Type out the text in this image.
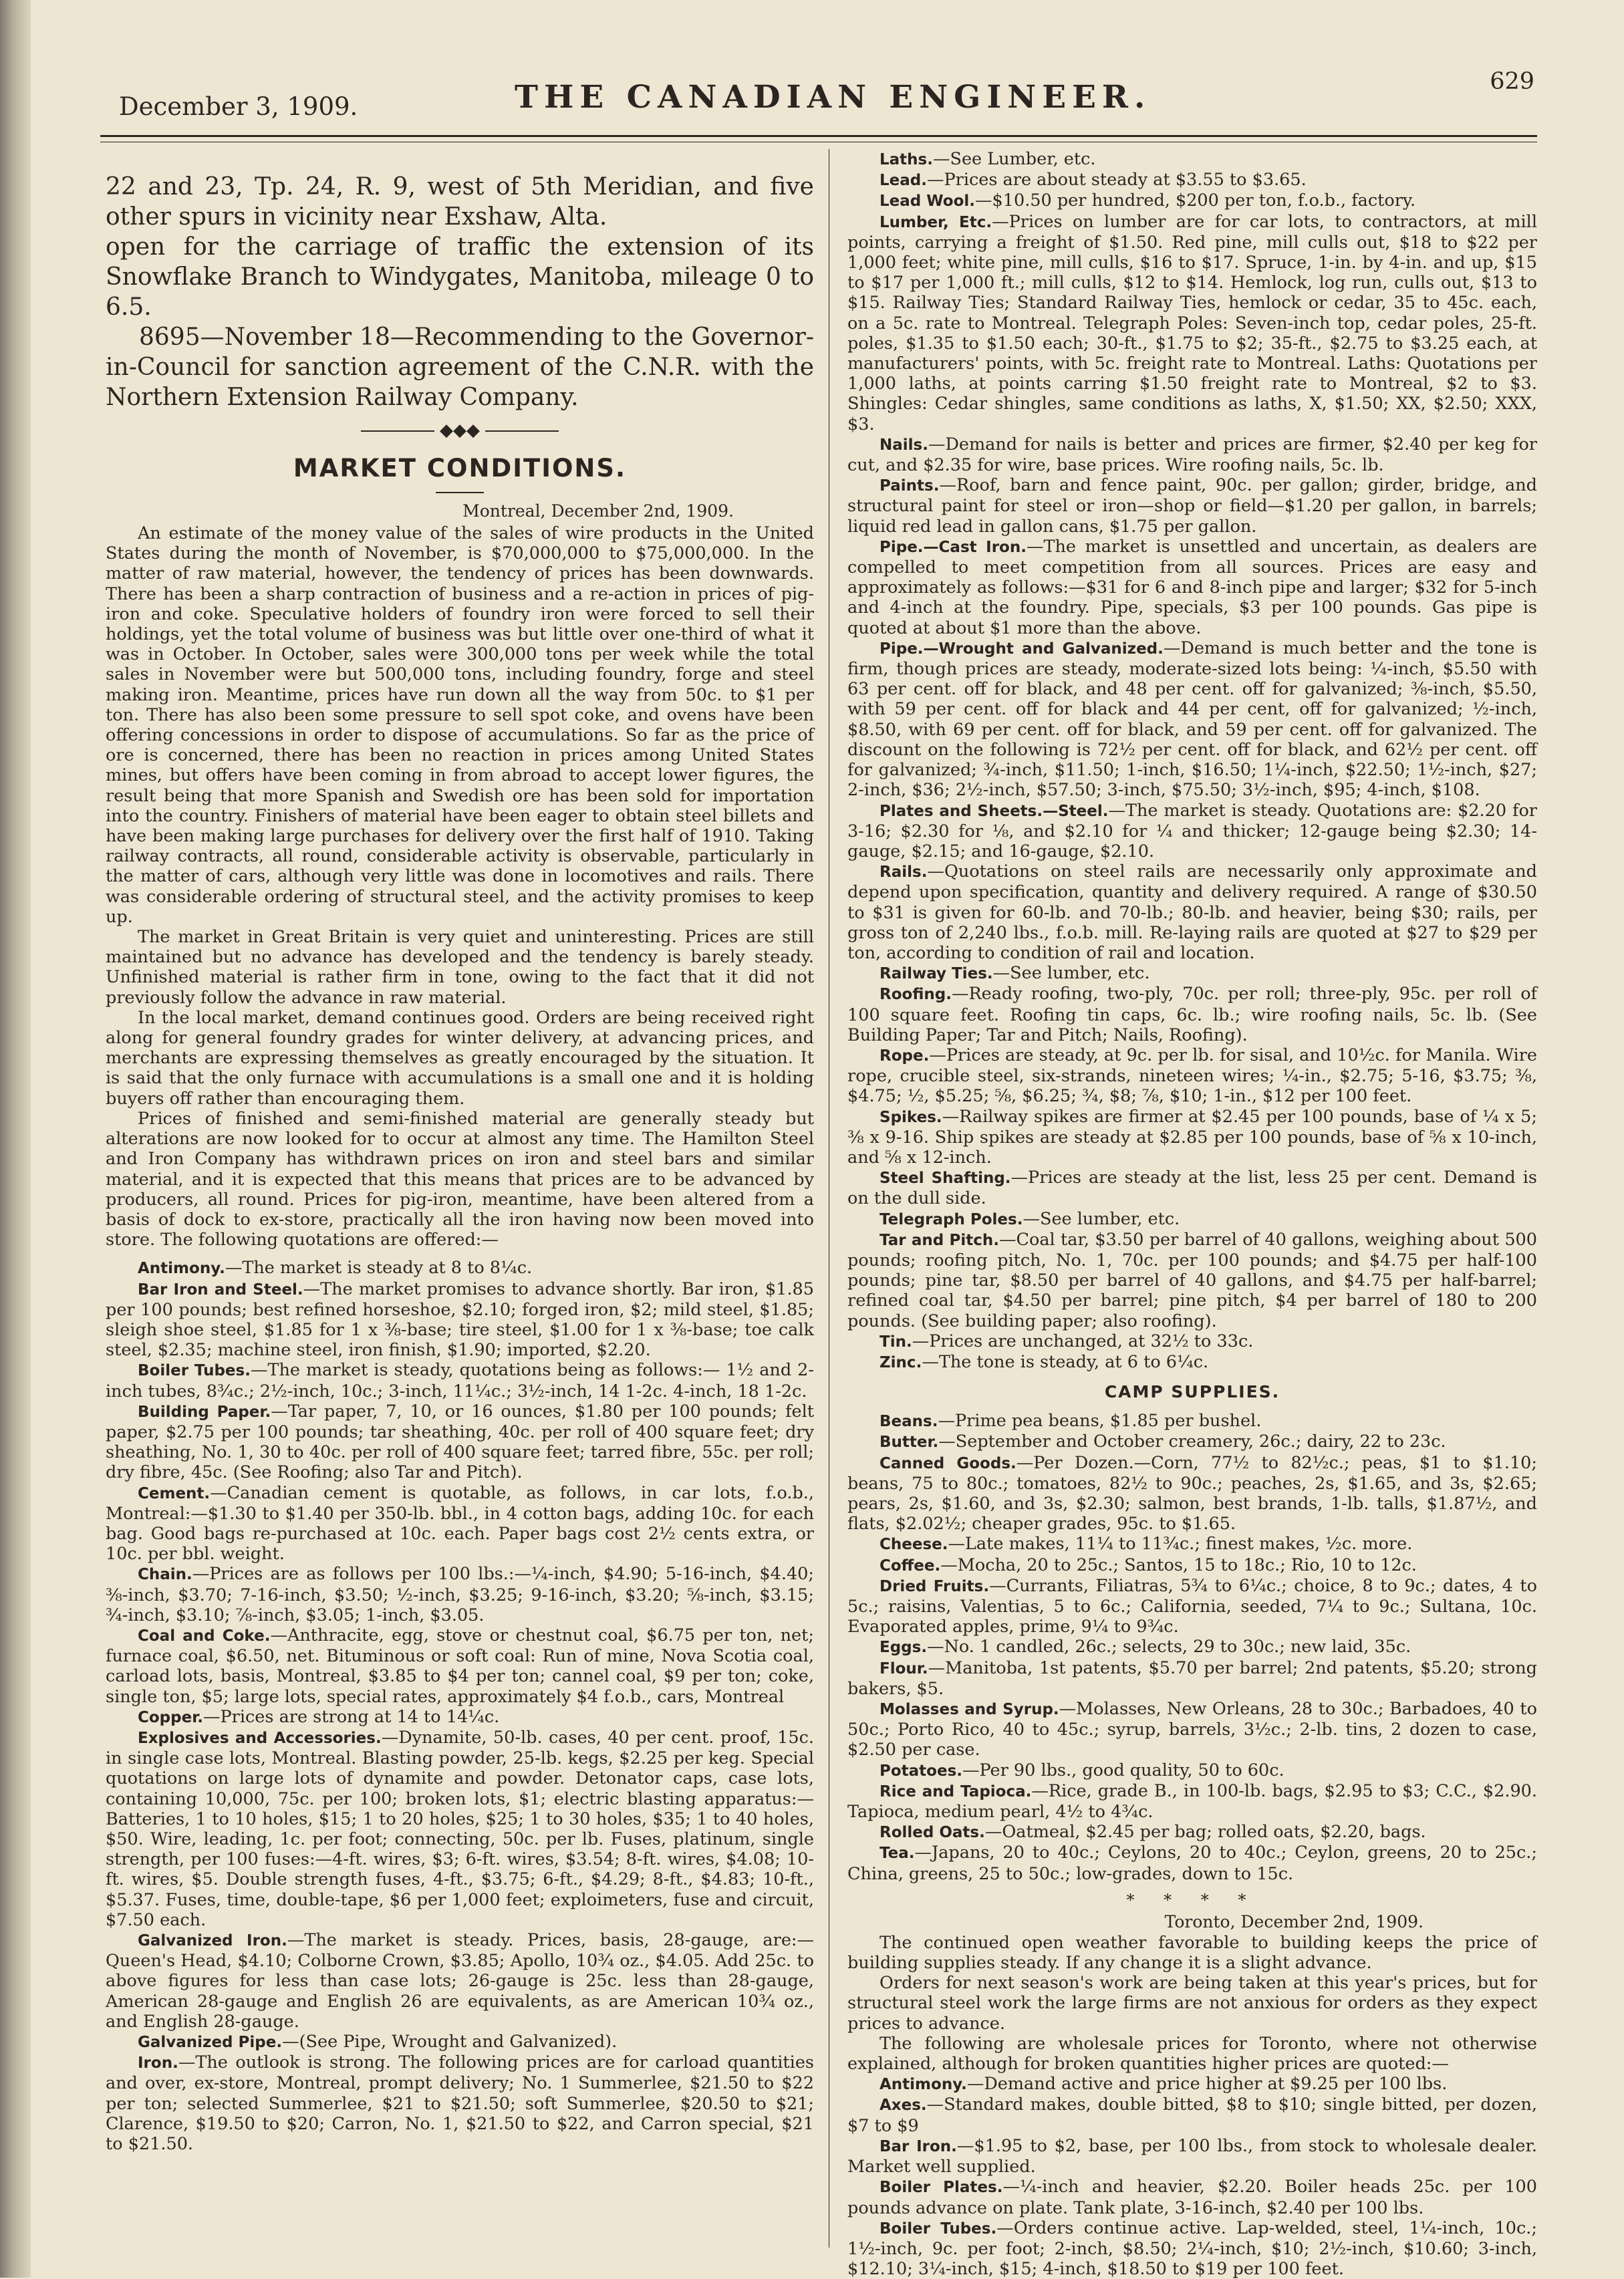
December 3, 1909.	THE CANADIAN ENGINEER.	629

22 and 23, Tp. 24, R. 9, west of 5th Meridian, and five other spurs in vicinity near Exshaw, Alta.

open for the carriage of traffic the extension of its Snowflake Branch to Windygates, Manitoba, mileage 0 to 6.5.

8695—November 18—Recommending to the Governor-in-Council for sanction agreement of the C.N.R. with the Northern Extension Railway Company.

◆◆◆
MARKET CONDITIONS.
Montreal, December 2nd, 1909.

An estimate of the money value of the sales of wire products in the United States during the month of November, is $70,000,000 to $75,000,000. In the matter of raw material, however, the tendency of prices has been downwards. There has been a sharp contraction of business and a re-action in prices of pig-iron and coke. Speculative holders of foundry iron were forced to sell their holdings, yet the total volume of business was but little over one-third of what it was in October. In October, sales were 300,000 tons per week while the total sales in November were but 500,000 tons, including foundry, forge and steel making iron. Meantime, prices have run down all the way from 50c. to $1 per ton. There has also been some pressure to sell spot coke, and ovens have been offering concessions in order to dispose of accumulations. So far as the price of ore is concerned, there has been no reaction in prices among United States mines, but offers have been coming in from abroad to accept lower figures, the result being that more Spanish and Swedish ore has been sold for importation into the country. Finishers of material have been eager to obtain steel billets and have been making large purchases for delivery over the first half of 1910. Taking railway contracts, all round, considerable activity is observable, particularly in the matter of cars, although very little was done in locomotives and rails. There was considerable ordering of structural steel, and the activity promises to keep up.

The market in Great Britain is very quiet and uninteresting. Prices are still maintained but no advance has developed and the tendency is barely steady. Unfinished material is rather firm in tone, owing to the fact that it did not previously follow the advance in raw material.

In the local market, demand continues good. Orders are being received right along for general foundry grades for winter delivery, at advancing prices, and merchants are expressing themselves as greatly encouraged by the situation. It is said that the only furnace with accumulations is a small one and it is holding buyers off rather than encouraging them.

Prices of finished and semi-finished material are generally steady but alterations are now looked for to occur at almost any time. The Hamilton Steel and Iron Company has withdrawn prices on iron and steel bars and similar material, and it is expected that this means that prices are to be advanced by producers, all round. Prices for pig-iron, meantime, have been altered from a basis of dock to ex-store, practically all the iron having now been moved into store. The following quotations are offered:—

Antimony.—The market is steady at 8 to 8¼c.

Bar Iron and Steel.—The market promises to advance shortly. Bar iron, $1.85 per 100 pounds; best refined horseshoe, $2.10; forged iron, $2; mild steel, $1.85; sleigh shoe steel, $1.85 for 1 x ⅜-base; tire steel, $1.00 for 1 x ⅜-base; toe calk steel, $2.35; machine steel, iron finish, $1.90; imported, $2.20.

Boiler Tubes.—The market is steady, quotations being as follows:— 1½ and 2-inch tubes, 8¾c.; 2½-inch, 10c.; 3-inch, 11¼c.; 3½-inch, 14 1-2c. 4-inch, 18 1-2c.

Building Paper.—Tar paper, 7, 10, or 16 ounces, $1.80 per 100 pounds; felt paper, $2.75 per 100 pounds; tar sheathing, 40c. per roll of 400 square feet; dry sheathing, No. 1, 30 to 40c. per roll of 400 square feet; tarred fibre, 55c. per roll; dry fibre, 45c. (See Roofing; also Tar and Pitch).

Cement.—Canadian cement is quotable, as follows, in car lots, f.o.b., Montreal:—$1.30 to $1.40 per 350-lb. bbl., in 4 cotton bags, adding 10c. for each bag. Good bags re-purchased at 10c. each. Paper bags cost 2½ cents extra, or 10c. per bbl. weight.

Chain.—Prices are as follows per 100 lbs.:—¼-inch, $4.90; 5-16-inch, $4.40; ⅜-inch, $3.70; 7-16-inch, $3.50; ½-inch, $3.25; 9-16-inch, $3.20; ⅝-inch, $3.15; ¾-inch, $3.10; ⅞-inch, $3.05; 1-inch, $3.05.

Coal and Coke.—Anthracite, egg, stove or chestnut coal, $6.75 per ton, net; furnace coal, $6.50, net. Bituminous or soft coal: Run of mine, Nova Scotia coal, carload lots, basis, Montreal, $3.85 to $4 per ton; cannel coal, $9 per ton; coke, single ton, $5; large lots, special rates, approximately $4 f.o.b., cars, Montreal

Copper.—Prices are strong at 14 to 14¼c.

Explosives and Accessories.—Dynamite, 50-lb. cases, 40 per cent. proof, 15c. in single case lots, Montreal. Blasting powder, 25-lb. kegs, $2.25 per keg. Special quotations on large lots of dynamite and powder. Detonator caps, case lots, containing 10,000, 75c. per 100; broken lots, $1; electric blasting apparatus:—Batteries, 1 to 10 holes, $15; 1 to 20 holes, $25; 1 to 30 holes, $35; 1 to 40 holes, $50. Wire, leading, 1c. per foot; connecting, 50c. per lb. Fuses, platinum, single strength, per 100 fuses:—4-ft. wires, $3; 6-ft. wires, $3.54; 8-ft. wires, $4.08; 10-ft. wires, $5. Double strength fuses, 4-ft., $3.75; 6-ft., $4.29; 8-ft., $4.83; 10-ft., $5.37. Fuses, time, double-tape, $6 per 1,000 feet; exploimeters, fuse and circuit, $7.50 each.

Galvanized Iron.—The market is steady. Prices, basis, 28-gauge, are:—Queen's Head, $4.10; Colborne Crown, $3.85; Apollo, 10¾ oz., $4.05. Add 25c. to above figures for less than case lots; 26-gauge is 25c. less than 28-gauge, American 28-gauge and English 26 are equivalents, as are American 10¾ oz., and English 28-gauge.

Galvanized Pipe.—(See Pipe, Wrought and Galvanized).

Iron.—The outlook is strong. The following prices are for carload quantities and over, ex-store, Montreal, prompt delivery; No. 1 Summerlee, $21.50 to $22 per ton; selected Summerlee, $21 to $21.50; soft Summerlee, $20.50 to $21; Clarence, $19.50 to $20; Carron, No. 1, $21.50 to $22, and Carron special, $21 to $21.50.

Laths.—See Lumber, etc.

Lead.—Prices are about steady at $3.55 to $3.65.

Lead Wool.—$10.50 per hundred, $200 per ton, f.o.b., factory.

Lumber, Etc.—Prices on lumber are for car lots, to contractors, at mill points, carrying a freight of $1.50. Red pine, mill culls out, $18 to $22 per 1,000 feet; white pine, mill culls, $16 to $17. Spruce, 1-in. by 4-in. and up, $15 to $17 per 1,000 ft.; mill culls, $12 to $14. Hemlock, log run, culls out, $13 to $15. Railway Ties; Standard Railway Ties, hemlock or cedar, 35 to 45c. each, on a 5c. rate to Montreal. Telegraph Poles: Seven-inch top, cedar poles, 25-ft. poles, $1.35 to $1.50 each; 30-ft., $1.75 to $2; 35-ft., $2.75 to $3.25 each, at manufacturers' points, with 5c. freight rate to Montreal. Laths: Quotations per 1,000 laths, at points carring $1.50 freight rate to Montreal, $2 to $3. Shingles: Cedar shingles, same conditions as laths, X, $1.50; XX, $2.50; XXX, $3.

Nails.—Demand for nails is better and prices are firmer, $2.40 per keg for cut, and $2.35 for wire, base prices. Wire roofing nails, 5c. lb.

Paints.—Roof, barn and fence paint, 90c. per gallon; girder, bridge, and structural paint for steel or iron—shop or field—$1.20 per gallon, in barrels; liquid red lead in gallon cans, $1.75 per gallon.

Pipe.—Cast Iron.—The market is unsettled and uncertain, as dealers are compelled to meet competition from all sources. Prices are easy and approximately as follows:—$31 for 6 and 8-inch pipe and larger; $32 for 5-inch and 4-inch at the foundry. Pipe, specials, $3 per 100 pounds. Gas pipe is quoted at about $1 more than the above.

Pipe.—Wrought and Galvanized.—Demand is much better and the tone is firm, though prices are steady, moderate-sized lots being: ¼-inch, $5.50 with 63 per cent. off for black, and 48 per cent. off for galvanized; ⅜-inch, $5.50, with 59 per cent. off for black and 44 per cent, off for galvanized; ½-inch, $8.50, with 69 per cent. off for black, and 59 per cent. off for galvanized. The discount on the following is 72½ per cent. off for black, and 62½ per cent. off for galvanized; ¾-inch, $11.50; 1-inch, $16.50; 1¼-inch, $22.50; 1½-inch, $27; 2-inch, $36; 2½-inch, $57.50; 3-inch, $75.50; 3½-inch, $95; 4-inch, $108.

Plates and Sheets.—Steel.—The market is steady. Quotations are: $2.20 for 3-16; $2.30 for ⅛, and $2.10 for ¼ and thicker; 12-gauge being $2.30; 14-gauge, $2.15; and 16-gauge, $2.10.

Rails.—Quotations on steel rails are necessarily only approximate and depend upon specification, quantity and delivery required. A range of $30.50 to $31 is given for 60-lb. and 70-lb.; 80-lb. and heavier, being $30; rails, per gross ton of 2,240 lbs., f.o.b. mill. Re-laying rails are quoted at $27 to $29 per ton, according to condition of rail and location.

Railway Ties.—See lumber, etc.

Roofing.—Ready roofing, two-ply, 70c. per roll; three-ply, 95c. per roll of 100 square feet. Roofing tin caps, 6c. lb.; wire roofing nails, 5c. lb. (See Building Paper; Tar and Pitch; Nails, Roofing).

Rope.—Prices are steady, at 9c. per lb. for sisal, and 10½c. for Manila. Wire rope, crucible steel, six-strands, nineteen wires; ¼-in., $2.75; 5-16, $3.75; ⅜, $4.75; ½, $5.25; ⅝, $6.25; ¾, $8; ⅞, $10; 1-in., $12 per 100 feet.

Spikes.—Railway spikes are firmer at $2.45 per 100 pounds, base of ¼ x 5; ⅜ x 9-16. Ship spikes are steady at $2.85 per 100 pounds, base of ⅝ x 10-inch, and ⅝ x 12-inch.

Steel Shafting.—Prices are steady at the list, less 25 per cent. Demand is on the dull side.

Telegraph Poles.—See lumber, etc.

Tar and Pitch.—Coal tar, $3.50 per barrel of 40 gallons, weighing about 500 pounds; roofing pitch, No. 1, 70c. per 100 pounds; and $4.75 per half-100 pounds; pine tar, $8.50 per barrel of 40 gallons, and $4.75 per half-barrel; refined coal tar, $4.50 per barrel; pine pitch, $4 per barrel of 180 to 200 pounds. (See building paper; also roofing).

Tin.—Prices are unchanged, at 32½ to 33c.

Zinc.—The tone is steady, at 6 to 6¼c.

CAMP SUPPLIES.

Beans.—Prime pea beans, $1.85 per bushel.

Butter.—September and October creamery, 26c.; dairy, 22 to 23c.

Canned Goods.—Per Dozen.—Corn, 77½ to 82½c.; peas, $1 to $1.10; beans, 75 to 80c.; tomatoes, 82½ to 90c.; peaches, 2s, $1.65, and 3s, $2.65; pears, 2s, $1.60, and 3s, $2.30; salmon, best brands, 1-lb. talls, $1.87½, and flats, $2.02½; cheaper grades, 95c. to $1.65.

Cheese.—Late makes, 11¼ to 11¾c.; finest makes, ½c. more.

Coffee.—Mocha, 20 to 25c.; Santos, 15 to 18c.; Rio, 10 to 12c.

Dried Fruits.—Currants, Filiatras, 5¾ to 6¼c.; choice, 8 to 9c.; dates, 4 to 5c.; raisins, Valentias, 5 to 6c.; California, seeded, 7¼ to 9c.; Sultana, 10c. Evaporated apples, prime, 9¼ to 9¾c.

Eggs.—No. 1 candled, 26c.; selects, 29 to 30c.; new laid, 35c.

Flour.—Manitoba, 1st patents, $5.70 per barrel; 2nd patents, $5.20; strong bakers, $5.

Molasses and Syrup.—Molasses, New Orleans, 28 to 30c.; Barbadoes, 40 to 50c.; Porto Rico, 40 to 45c.; syrup, barrels, 3½c.; 2-lb. tins, 2 dozen to case, $2.50 per case.

Potatoes.—Per 90 lbs., good quality, 50 to 60c.

Rice and Tapioca.—Rice, grade B., in 100-lb. bags, $2.95 to $3; C.C., $2.90. Tapioca, medium pearl, 4½ to 4¾c.

Rolled Oats.—Oatmeal, $2.45 per bag; rolled oats, $2.20, bags.

Tea.—Japans, 20 to 40c.; Ceylons, 20 to 40c.; Ceylon, greens, 20 to 25c.; China, greens, 25 to 50c.; low-grades, down to 15c.

* * * *
Toronto, December 2nd, 1909.

The continued open weather favorable to building keeps the price of building supplies steady. If any change it is a slight advance.

Orders for next season's work are being taken at this year's prices, but for structural steel work the large firms are not anxious for orders as they expect prices to advance.

The following are wholesale prices for Toronto, where not otherwise explained, although for broken quantities higher prices are quoted:—

Antimony.—Demand active and price higher at $9.25 per 100 lbs.

Axes.—Standard makes, double bitted, $8 to $10; single bitted, per dozen, $7 to $9

Bar Iron.—$1.95 to $2, base, per 100 lbs., from stock to wholesale dealer. Market well supplied.

Boiler Plates.—¼-inch and heavier, $2.20. Boiler heads 25c. per 100 pounds advance on plate. Tank plate, 3-16-inch, $2.40 per 100 lbs.

Boiler Tubes.—Orders continue active. Lap-welded, steel, 1¼-inch, 10c.; 1½-inch, 9c. per foot; 2-inch, $8.50; 2¼-inch, $10; 2½-inch, $10.60; 3-inch, $12.10; 3¼-inch, $15; 4-inch, $18.50 to $19 per 100 feet.
